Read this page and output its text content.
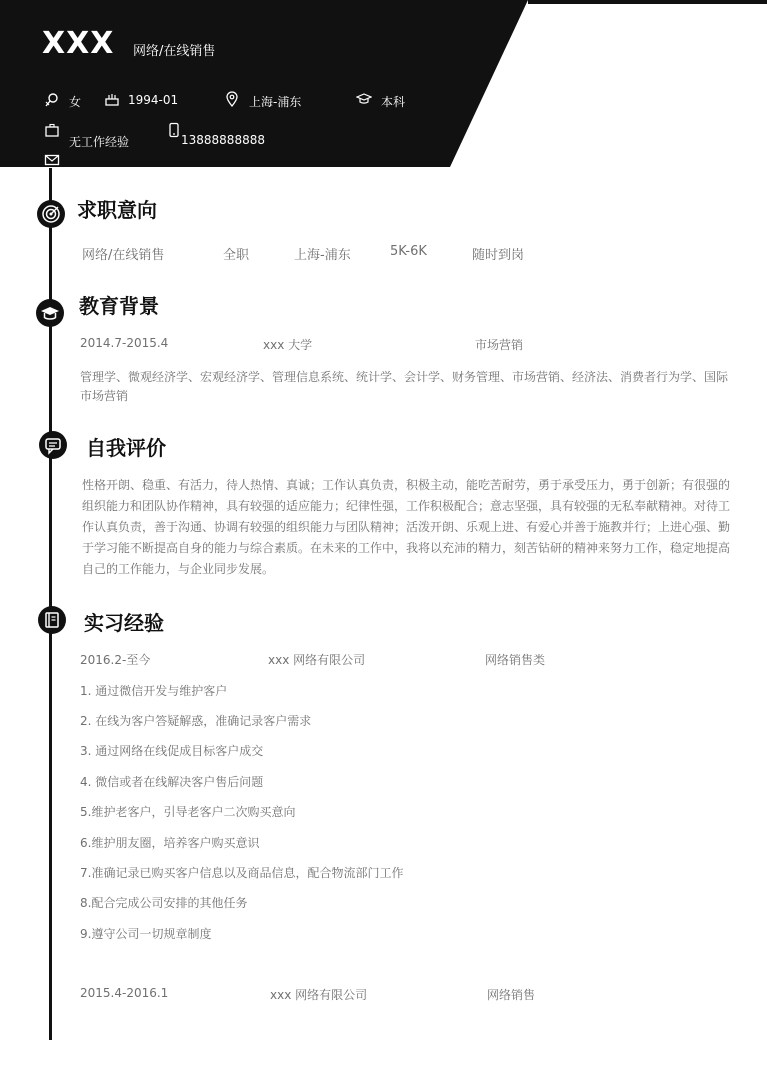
XXX 网络/在线销售
女	1994-01	上海-浦东	本科
无工作经验	13888888888
求职意向
网络/在线销售	全职	上海-浦东	5K-6K	随时到岗
教育背景
2014.7-2015.4	xxx 大学	市场营销
管理学、微观经济学、宏观经济学、管理信息系统、统计学、会计学、财务管理、市场营销、经济法、消费者行为学、国际
市场营销
自我评价
性格开朗、稳重、有活力，待人热情、真诚；工作认真负责，积极主动，能吃苦耐劳，勇于承受压力，勇于创新；有很强的
组织能力和团队协作精神，具有较强的适应能力；纪律性强，工作积极配合；意志坚强，具有较强的无私奉献精神。对待工
作认真负责，善于沟通、协调有较强的组织能力与团队精神；活泼开朗、乐观上进、有爱心并善于施教并行；上进心强、勤
于学习能不断提高自身的能力与综合素质。在未来的工作中，我将以充沛的精力，刻苦钻研的精神来努力工作，稳定地提高
自己的工作能力，与企业同步发展。
实习经验
2016.2-至今	xxx 网络有限公司	网络销售类
1. 通过微信开发与维护客户
2. 在线为客户答疑解惑，准确记录客户需求
3. 通过网络在线促成目标客户成交
4. 微信或者在线解决客户售后问题
5.维护老客户，引导老客户二次购买意向
6.维护朋友圈，培养客户购买意识
7.准确记录已购买客户信息以及商品信息，配合物流部门工作
8.配合完成公司安排的其他任务
9.遵守公司一切规章制度
2015.4-2016.1	xxx 网络有限公司	网络销售
